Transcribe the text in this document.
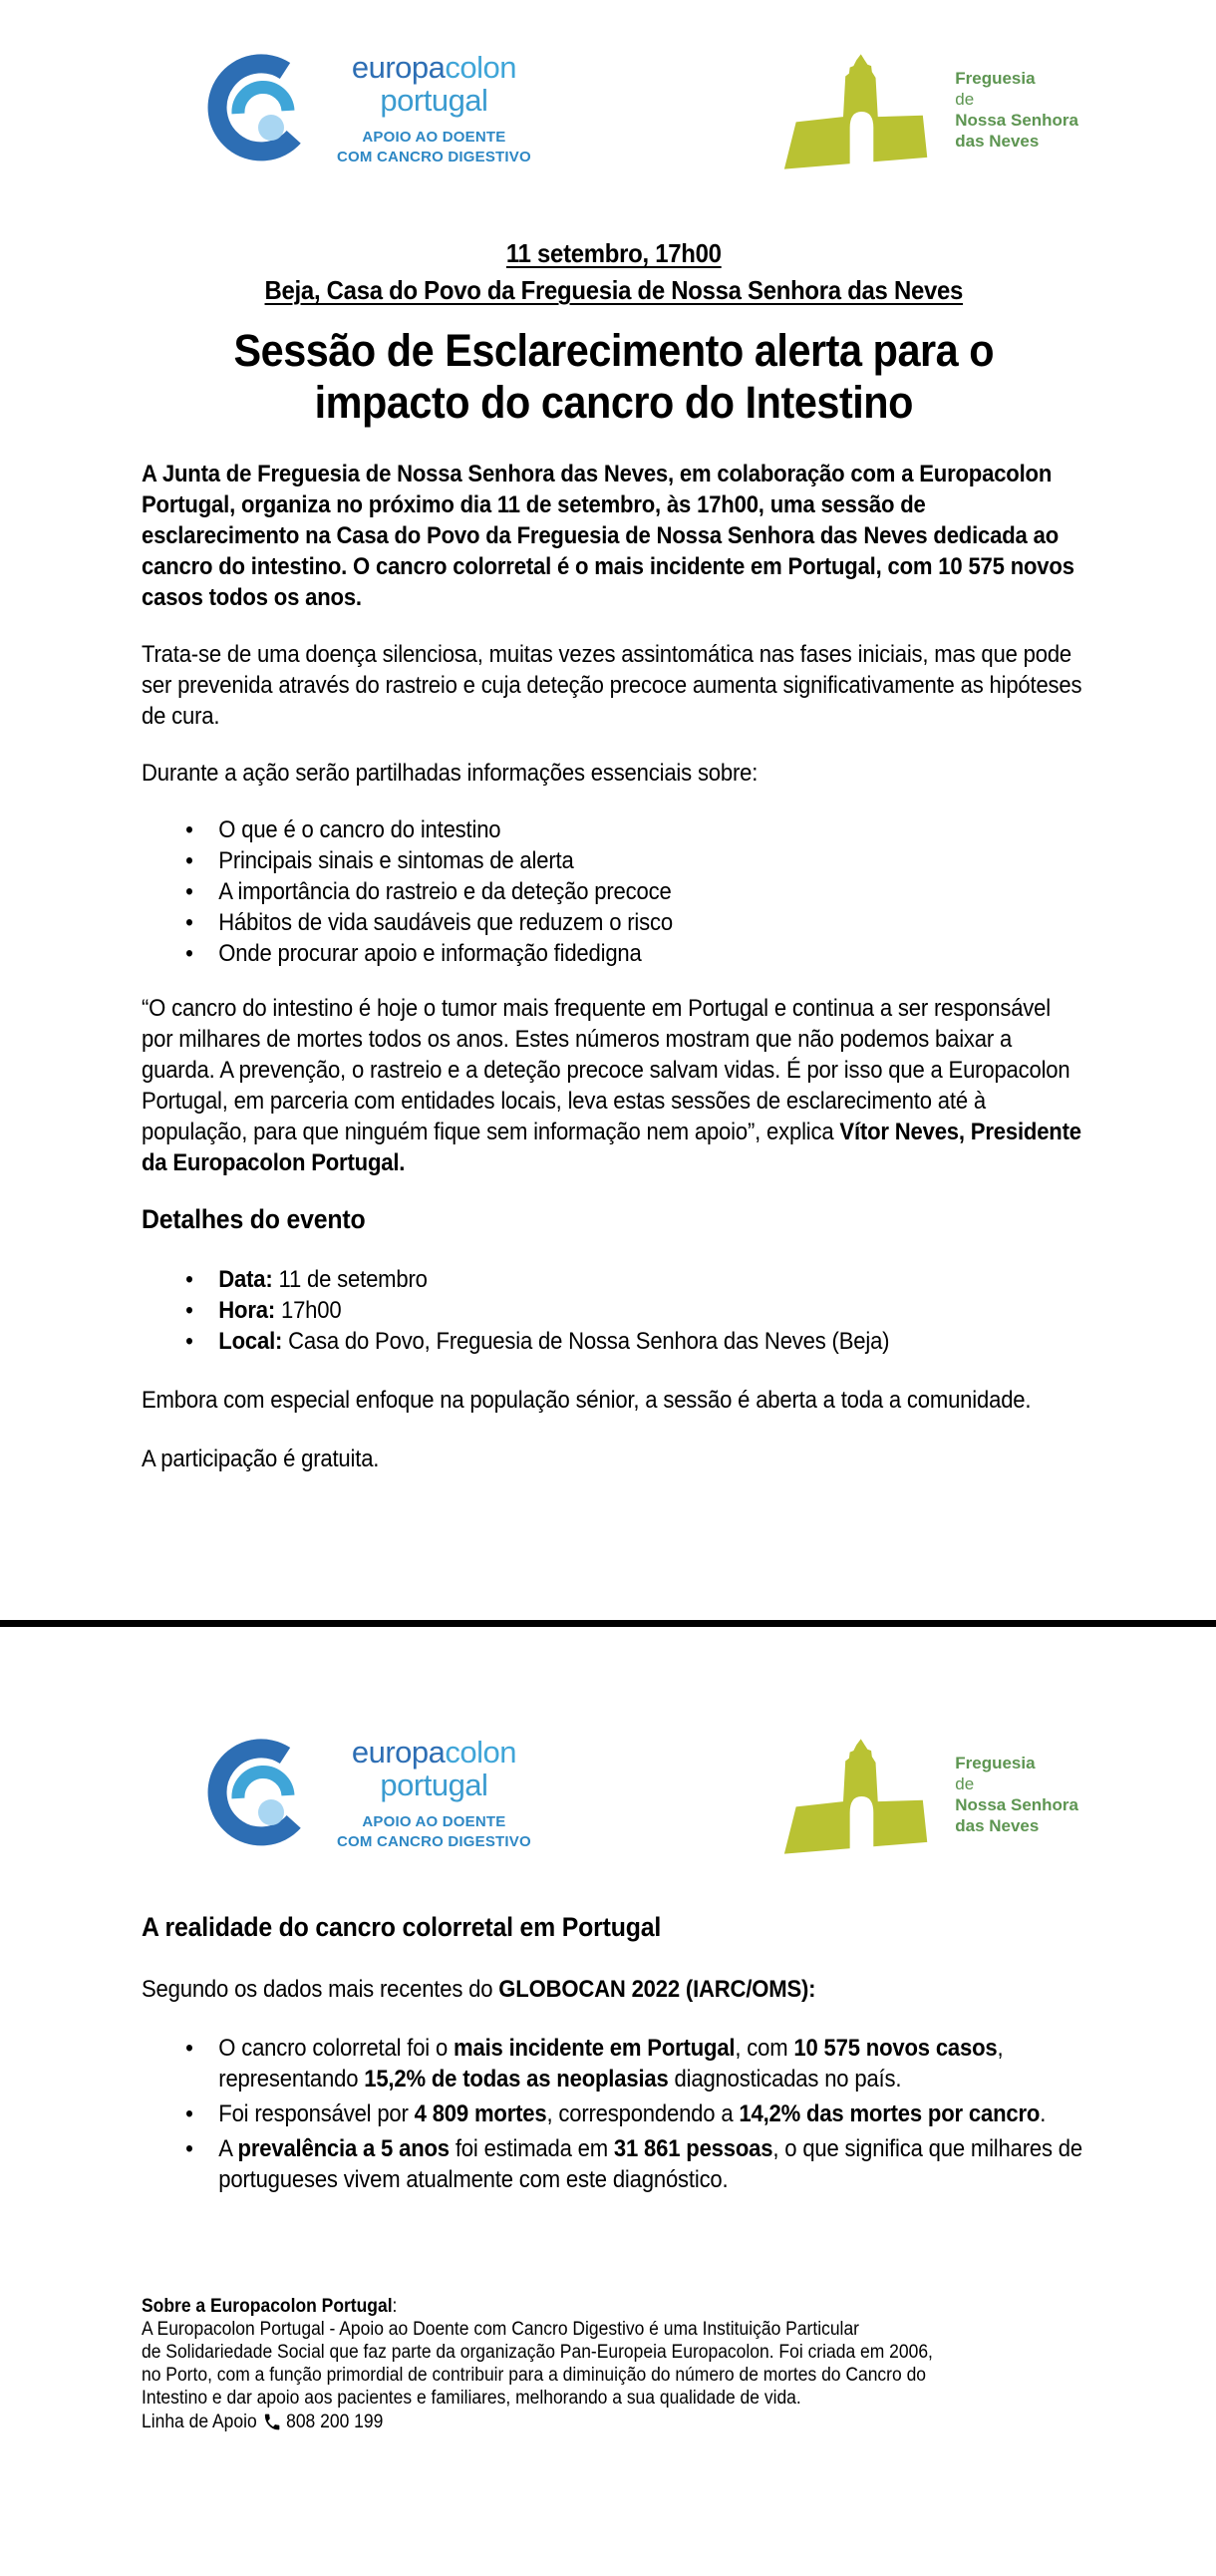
europacolon
portugal
APOIO AO DOENTE
COM CANCRO DIGESTIVO
Freguesia
de
Nossa Senhora
das Neves
11 setembro, 17h00
Beja, Casa do Povo da Freguesia de Nossa Senhora das Neves
Sessão de Esclarecimento alerta para o
impacto do cancro do Intestino

A Junta de Freguesia de Nossa Senhora das Neves, em colaboração com a Europacolon Portugal, organiza no próximo dia 11 de setembro, às 17h00, uma sessão de esclarecimento na Casa do Povo da Freguesia de Nossa Senhora das Neves dedicada ao cancro do intestino. O cancro colorretal é o mais incidente em Portugal, com 10 575 novos casos todos os anos.

Trata-se de uma doença silenciosa, muitas vezes assintomática nas fases iniciais, mas que pode ser prevenida através do rastreio e cuja deteção precoce aumenta significativamente as hipóteses de cura.

Durante a ação serão partilhadas informações essenciais sobre:

• O que é o cancro do intestino
• Principais sinais e sintomas de alerta
• A importância do rastreio e da deteção precoce
• Hábitos de vida saudáveis que reduzem o risco
• Onde procurar apoio e informação fidedigna

“O cancro do intestino é hoje o tumor mais frequente em Portugal e continua a ser responsável por milhares de mortes todos os anos. Estes números mostram que não podemos baixar a guarda. A prevenção, o rastreio e a deteção precoce salvam vidas. É por isso que a Europacolon Portugal, em parceria com entidades locais, leva estas sessões de esclarecimento até à população, para que ninguém fique sem informação nem apoio”, explica Vítor Neves, Presidente da Europacolon Portugal.

Detalhes do evento
• Data: 11 de setembro
• Hora: 17h00
• Local: Casa do Povo, Freguesia de Nossa Senhora das Neves (Beja)

Embora com especial enfoque na população sénior, a sessão é aberta a toda a comunidade.

A participação é gratuita.

europacolon
portugal
APOIO AO DOENTE
COM CANCRO DIGESTIVO
Freguesia
de
Nossa Senhora
das Neves
A realidade do cancro colorretal em Portugal

Segundo os dados mais recentes do GLOBOCAN 2022 (IARC/OMS):

• O cancro colorretal foi o mais incidente em Portugal, com 10 575 novos casos, representando 15,2% de todas as neoplasias diagnosticadas no país.
• Foi responsável por 4 809 mortes, correspondendo a 14,2% das mortes por cancro.
• A prevalência a 5 anos foi estimada em 31 861 pessoas, o que significa que milhares de portugueses vivem atualmente com este diagnóstico.
Sobre a Europacolon Portugal:
A Europacolon Portugal - Apoio ao Doente com Cancro Digestivo é uma Instituição Particular
de Solidariedade Social que faz parte da organização Pan-Europeia Europacolon. Foi criada em 2006,
no Porto, com a função primordial de contribuir para a diminuição do número de mortes do Cancro do
Intestino e dar apoio aos pacientes e familiares, melhorando a sua qualidade de vida.
Linha de Apoio 808 200 199
